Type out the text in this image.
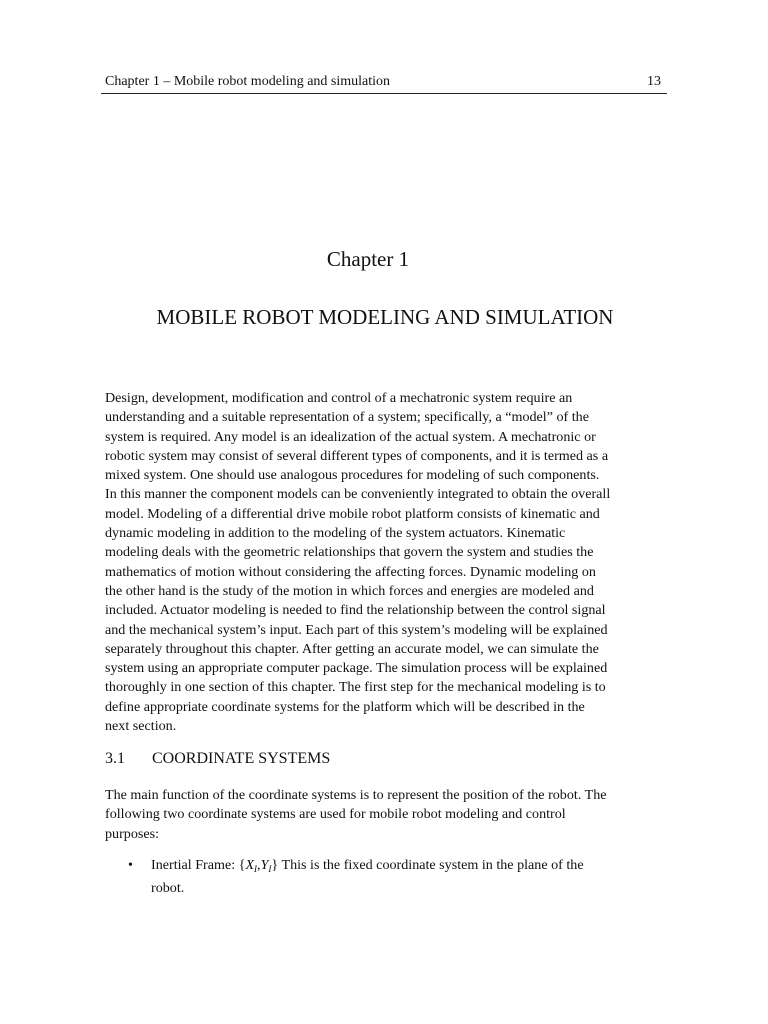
Chapter 1 – Mobile robot modeling and simulation	13
Chapter 1
MOBILE ROBOT MODELING AND SIMULATION
Design, development, modification and control of a mechatronic system require an
understanding and a suitable representation of a system; specifically, a “model” of the
system is required. Any model is an idealization of the actual system. A mechatronic or
robotic system may consist of several different types of components, and it is termed as a
mixed system. One should use analogous procedures for modeling of such components.
In this manner the component models can be conveniently integrated to obtain the overall
model. Modeling of a differential drive mobile robot platform consists of kinematic and
dynamic modeling in addition to the modeling of the system actuators. Kinematic
modeling deals with the geometric relationships that govern the system and studies the
mathematics of motion without considering the affecting forces. Dynamic modeling on
the other hand is the study of the motion in which forces and energies are modeled and
included. Actuator modeling is needed to find the relationship between the control signal
and the mechanical system’s input. Each part of this system’s modeling will be explained
separately throughout this chapter. After getting an accurate model, we can simulate the
system using an appropriate computer package. The simulation process will be explained
thoroughly in one section of this chapter. The first step for the mechanical modeling is to
define appropriate coordinate systems for the platform which will be described in the
next section.
3.1 COORDINATE SYSTEMS
The main function of the coordinate systems is to represent the position of the robot. The
following two coordinate systems are used for mobile robot modeling and control
purposes:
• Inertial Frame: $\{X_I,Y_I\}$ This is the fixed coordinate system in the plane of the
robot.
